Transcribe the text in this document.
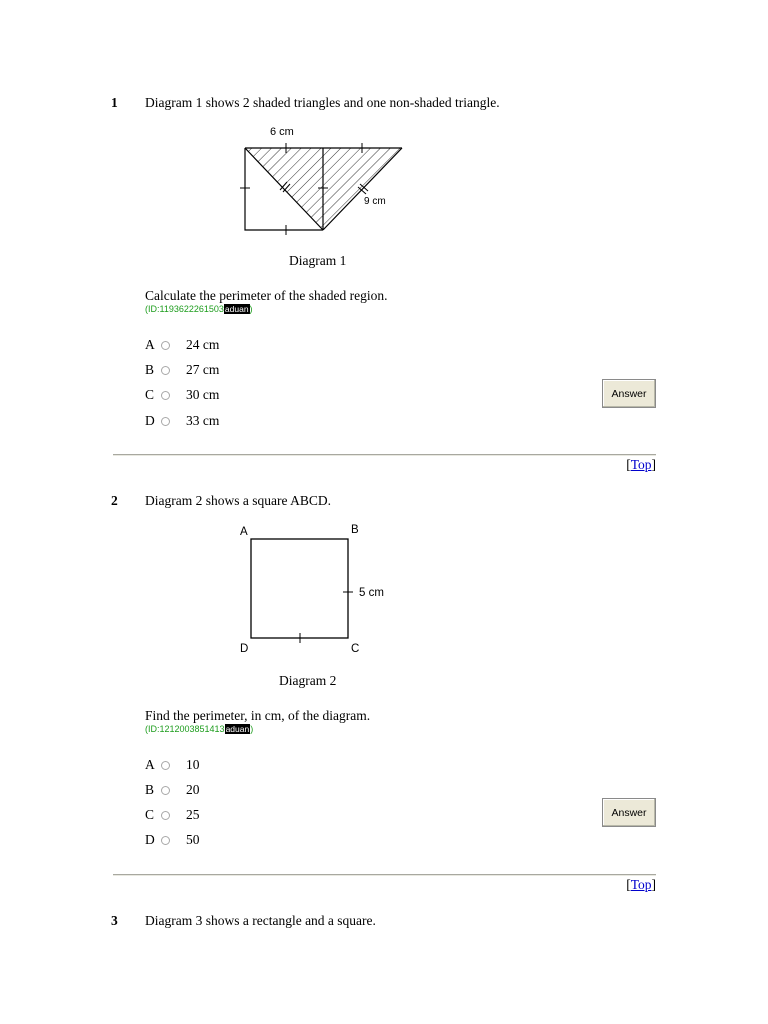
1 Diagram 1 shows 2 shaded triangles and one non-shaded triangle.
6 cm
9 cm
Diagram 1
Calculate the perimeter of the shaded region.
(ID:1193622261503aduan)
A	24 cm
B	27 cm
C	30 cm
D	33 cm
Answer
[Top]
2 Diagram 2 shows a square ABCD.
A	B
C
D
5 cm
Diagram 2
Find the perimeter, in cm, of the diagram.
(ID:1212003851413aduan)
A	10
B	20
C	25
D	50
Answer
[Top]
3 Diagram 3 shows a rectangle and a square.
